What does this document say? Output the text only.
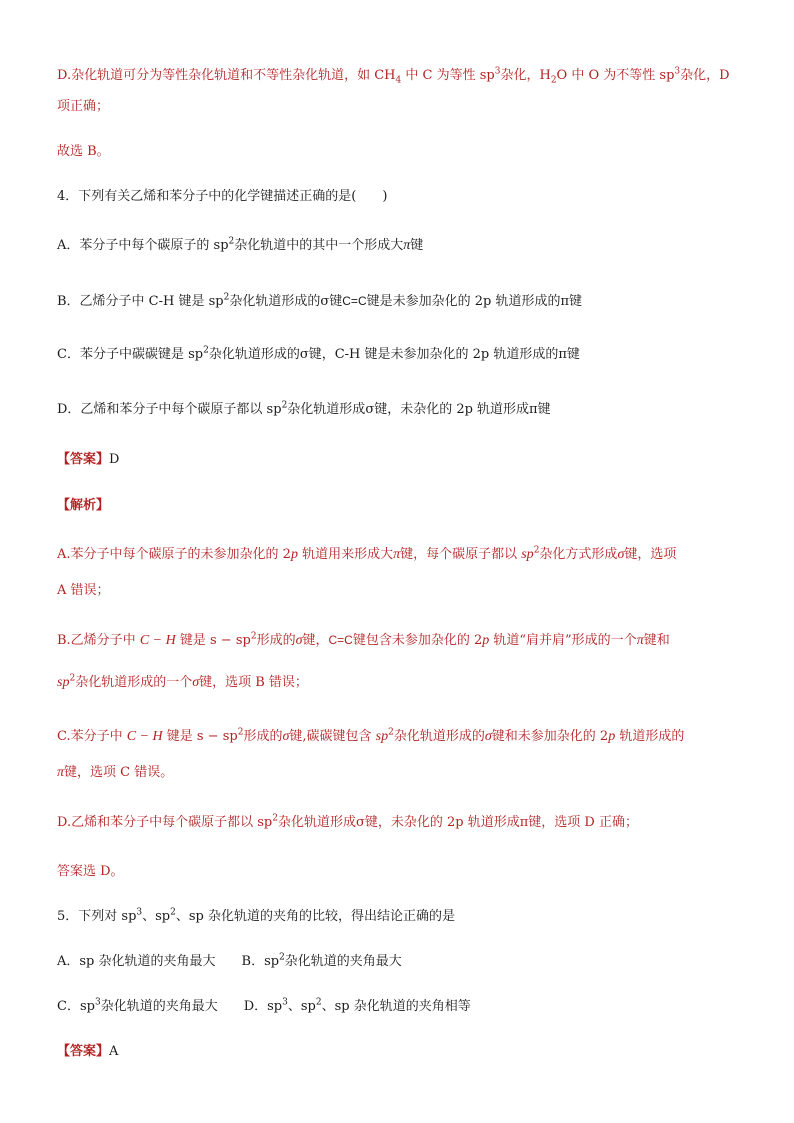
D.杂化轨道可分为等性杂化轨道和不等性杂化轨道，如 $CH_4$ 中 C 为等性 $sp^3$杂化，$H_2O$ 中 O 为不等性 $sp^3$杂化，D
项正确；
故选 B。
4．下列有关乙烯和苯分子中的化学键描述正确的是(　　)
A．苯分子中每个碳原子的 $sp^2$杂化轨道中的其中一个形成大π键
B．乙烯分子中 C-H 键是 $sp^2$杂化轨道形成的σ键C=C键是未参加杂化的 2p 轨道形成的π键
C．苯分子中碳碳键是 $sp^2$杂化轨道形成的σ键，C-H 键是未参加杂化的 2p 轨道形成的π键
D．乙烯和苯分子中每个碳原子都以 $sp^2$杂化轨道形成σ键，未杂化的 2p 轨道形成π键
【答案】D
【解析】
A.苯分子中每个碳原子的未参加杂化的 2p 轨道用来形成大π键，每个碳原子都以 $sp^2$杂化方式形成σ键，选项
A 错误；
B.乙烯分子中 C − H 键是 $s - sp^2$形成的σ键，C=C键包含未参加杂化的 2p 轨道“肩并肩”形成的一个π键和
$sp^2$杂化轨道形成的一个σ键，选项 B 错误；
C.苯分子中 C − H 键是 $s - sp^2$形成的σ键,碳碳键包含 $sp^2$杂化轨道形成的σ键和未参加杂化的 2p 轨道形成的
π键，选项 C 错误。
D.乙烯和苯分子中每个碳原子都以 $sp^2$杂化轨道形成σ键，未杂化的 2p 轨道形成π键，选项 D 正确；
答案选 D。
5．下列对 $sp^3$、$sp^2$、sp 杂化轨道的夹角的比较，得出结论正确的是
A．sp 杂化轨道的夹角最大　　B．$sp^2$杂化轨道的夹角最大
C．$sp^3$杂化轨道的夹角最大　　D．$sp^3$、$sp^2$、sp 杂化轨道的夹角相等
【答案】A
